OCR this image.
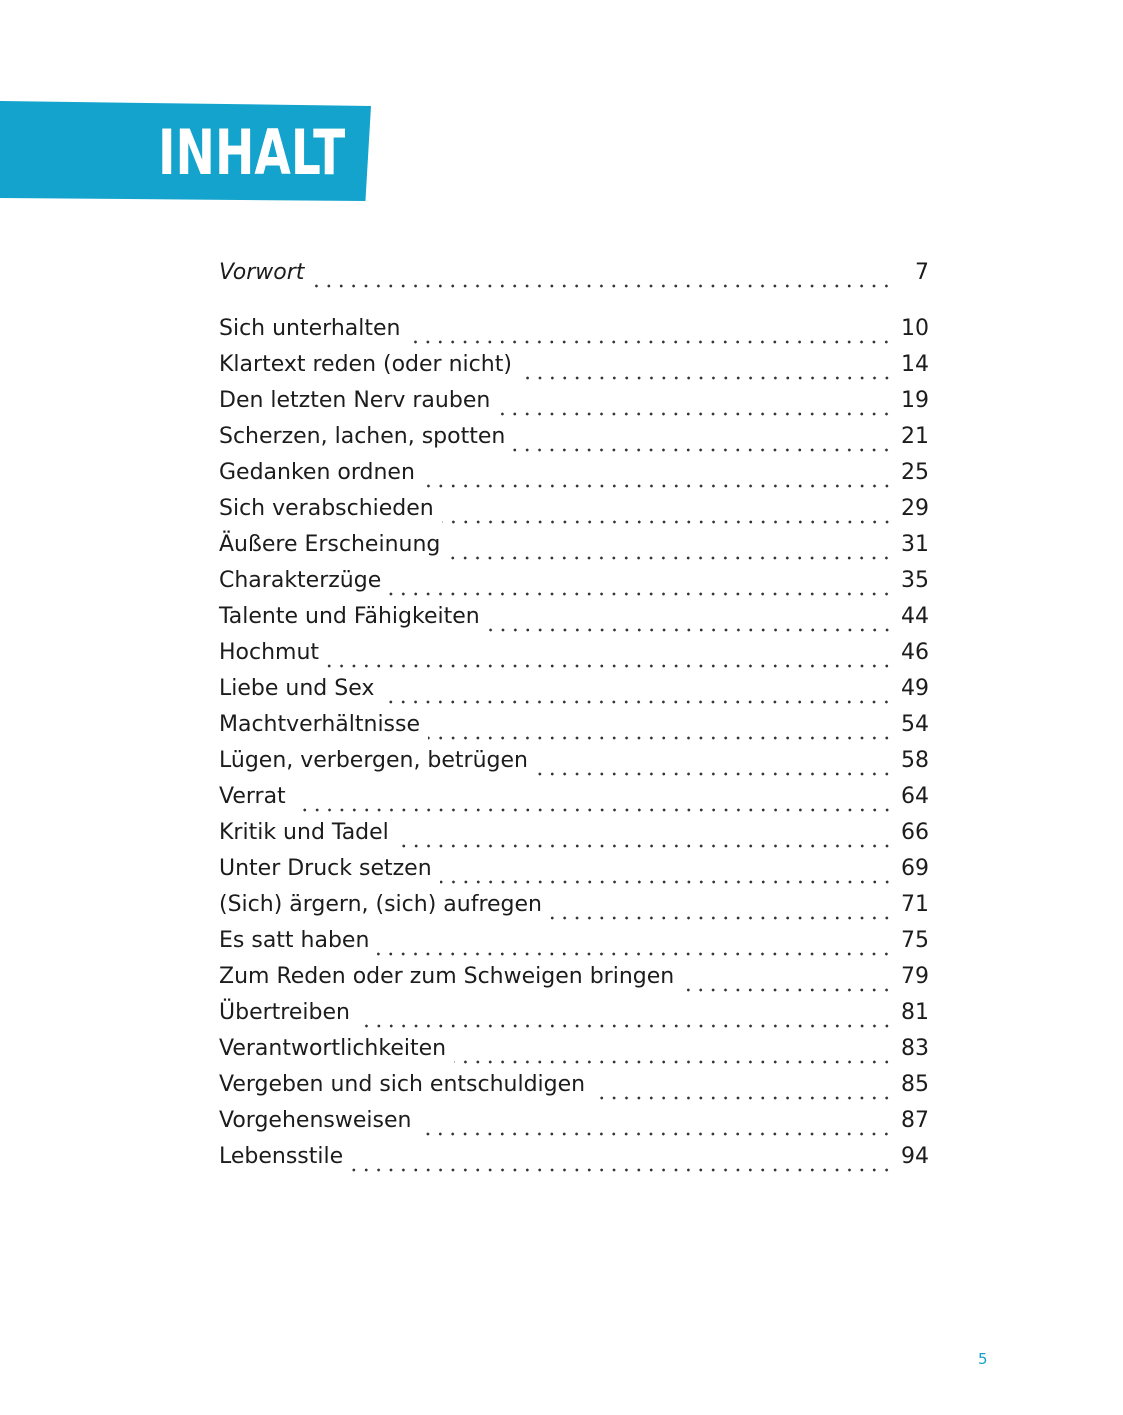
INHALT
Vorwort	7
Sich unterhalten	10
Klartext reden (oder nicht)	14
Den letzten Nerv rauben	19
Scherzen, lachen, spotten	21
Gedanken ordnen	25
Sich verabschieden	29
Äußere Erscheinung	31
Charakterzüge	35
Talente und Fähigkeiten	44
Hochmut	46
Liebe und Sex	49
Machtverhältnisse	54
Lügen, verbergen, betrügen	58
Verrat	64
Kritik und Tadel	66
Unter Druck setzen	69
(Sich) ärgern, (sich) aufregen	71
Es satt haben	75
Zum Reden oder zum Schweigen bringen	79
Übertreiben	81
Verantwortlichkeiten	83
Vergeben und sich entschuldigen	85
Vorgehensweisen	87
Lebensstile	94
5
